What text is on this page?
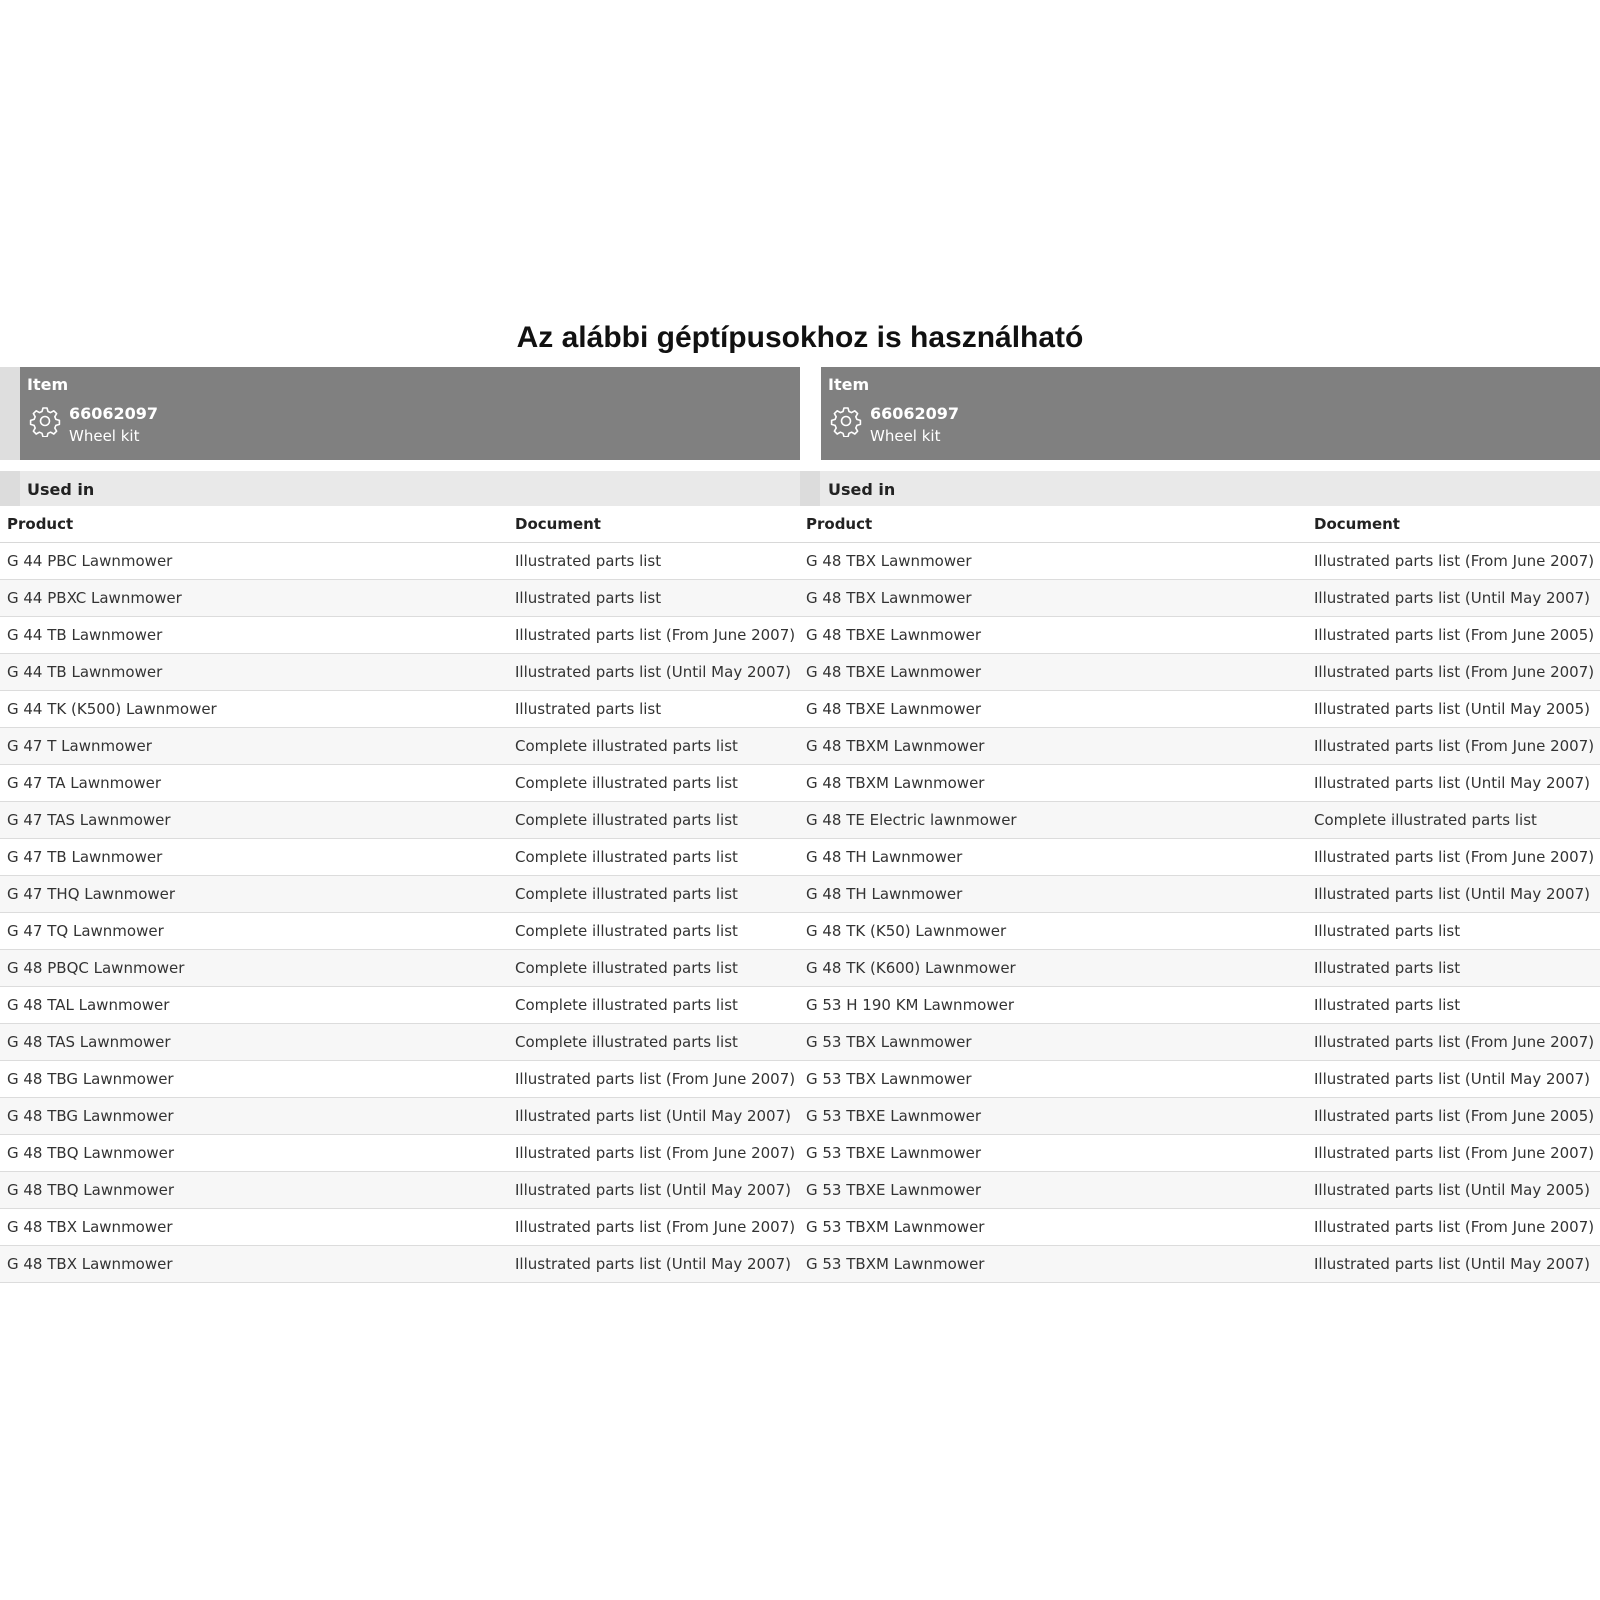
Az alábbi géptípusokhoz is használható
Item
66062097
Wheel kit
Used in
Product	Document
G 44 PBC Lawnmower	Illustrated parts list
G 44 PBXC Lawnmower	Illustrated parts list
G 44 TB Lawnmower	Illustrated parts list (From June 2007)
G 44 TB Lawnmower	Illustrated parts list (Until May 2007)
G 44 TK (K500) Lawnmower	Illustrated parts list
G 47 T Lawnmower	Complete illustrated parts list
G 47 TA Lawnmower	Complete illustrated parts list
G 47 TAS Lawnmower	Complete illustrated parts list
G 47 TB Lawnmower	Complete illustrated parts list
G 47 THQ Lawnmower	Complete illustrated parts list
G 47 TQ Lawnmower	Complete illustrated parts list
G 48 PBQC Lawnmower	Complete illustrated parts list
G 48 TAL Lawnmower	Complete illustrated parts list
G 48 TAS Lawnmower	Complete illustrated parts list
G 48 TBG Lawnmower	Illustrated parts list (From June 2007)
G 48 TBG Lawnmower	Illustrated parts list (Until May 2007)
G 48 TBQ Lawnmower	Illustrated parts list (From June 2007)
G 48 TBQ Lawnmower	Illustrated parts list (Until May 2007)
G 48 TBX Lawnmower	Illustrated parts list (From June 2007)
G 48 TBX Lawnmower	Illustrated parts list (Until May 2007)
Item
66062097
Wheel kit
Used in
Product	Document
G 48 TBX Lawnmower	Illustrated parts list (From June 2007)
G 48 TBX Lawnmower	Illustrated parts list (Until May 2007)
G 48 TBXE Lawnmower	Illustrated parts list (From June 2005)
G 48 TBXE Lawnmower	Illustrated parts list (From June 2007)
G 48 TBXE Lawnmower	Illustrated parts list (Until May 2005)
G 48 TBXM Lawnmower	Illustrated parts list (From June 2007)
G 48 TBXM Lawnmower	Illustrated parts list (Until May 2007)
G 48 TE Electric lawnmower	Complete illustrated parts list
G 48 TH Lawnmower	Illustrated parts list (From June 2007)
G 48 TH Lawnmower	Illustrated parts list (Until May 2007)
G 48 TK (K50) Lawnmower	Illustrated parts list
G 48 TK (K600) Lawnmower	Illustrated parts list
G 53 H 190 KM Lawnmower	Illustrated parts list
G 53 TBX Lawnmower	Illustrated parts list (From June 2007)
G 53 TBX Lawnmower	Illustrated parts list (Until May 2007)
G 53 TBXE Lawnmower	Illustrated parts list (From June 2005)
G 53 TBXE Lawnmower	Illustrated parts list (From June 2007)
G 53 TBXE Lawnmower	Illustrated parts list (Until May 2005)
G 53 TBXM Lawnmower	Illustrated parts list (From June 2007)
G 53 TBXM Lawnmower	Illustrated parts list (Until May 2007)
